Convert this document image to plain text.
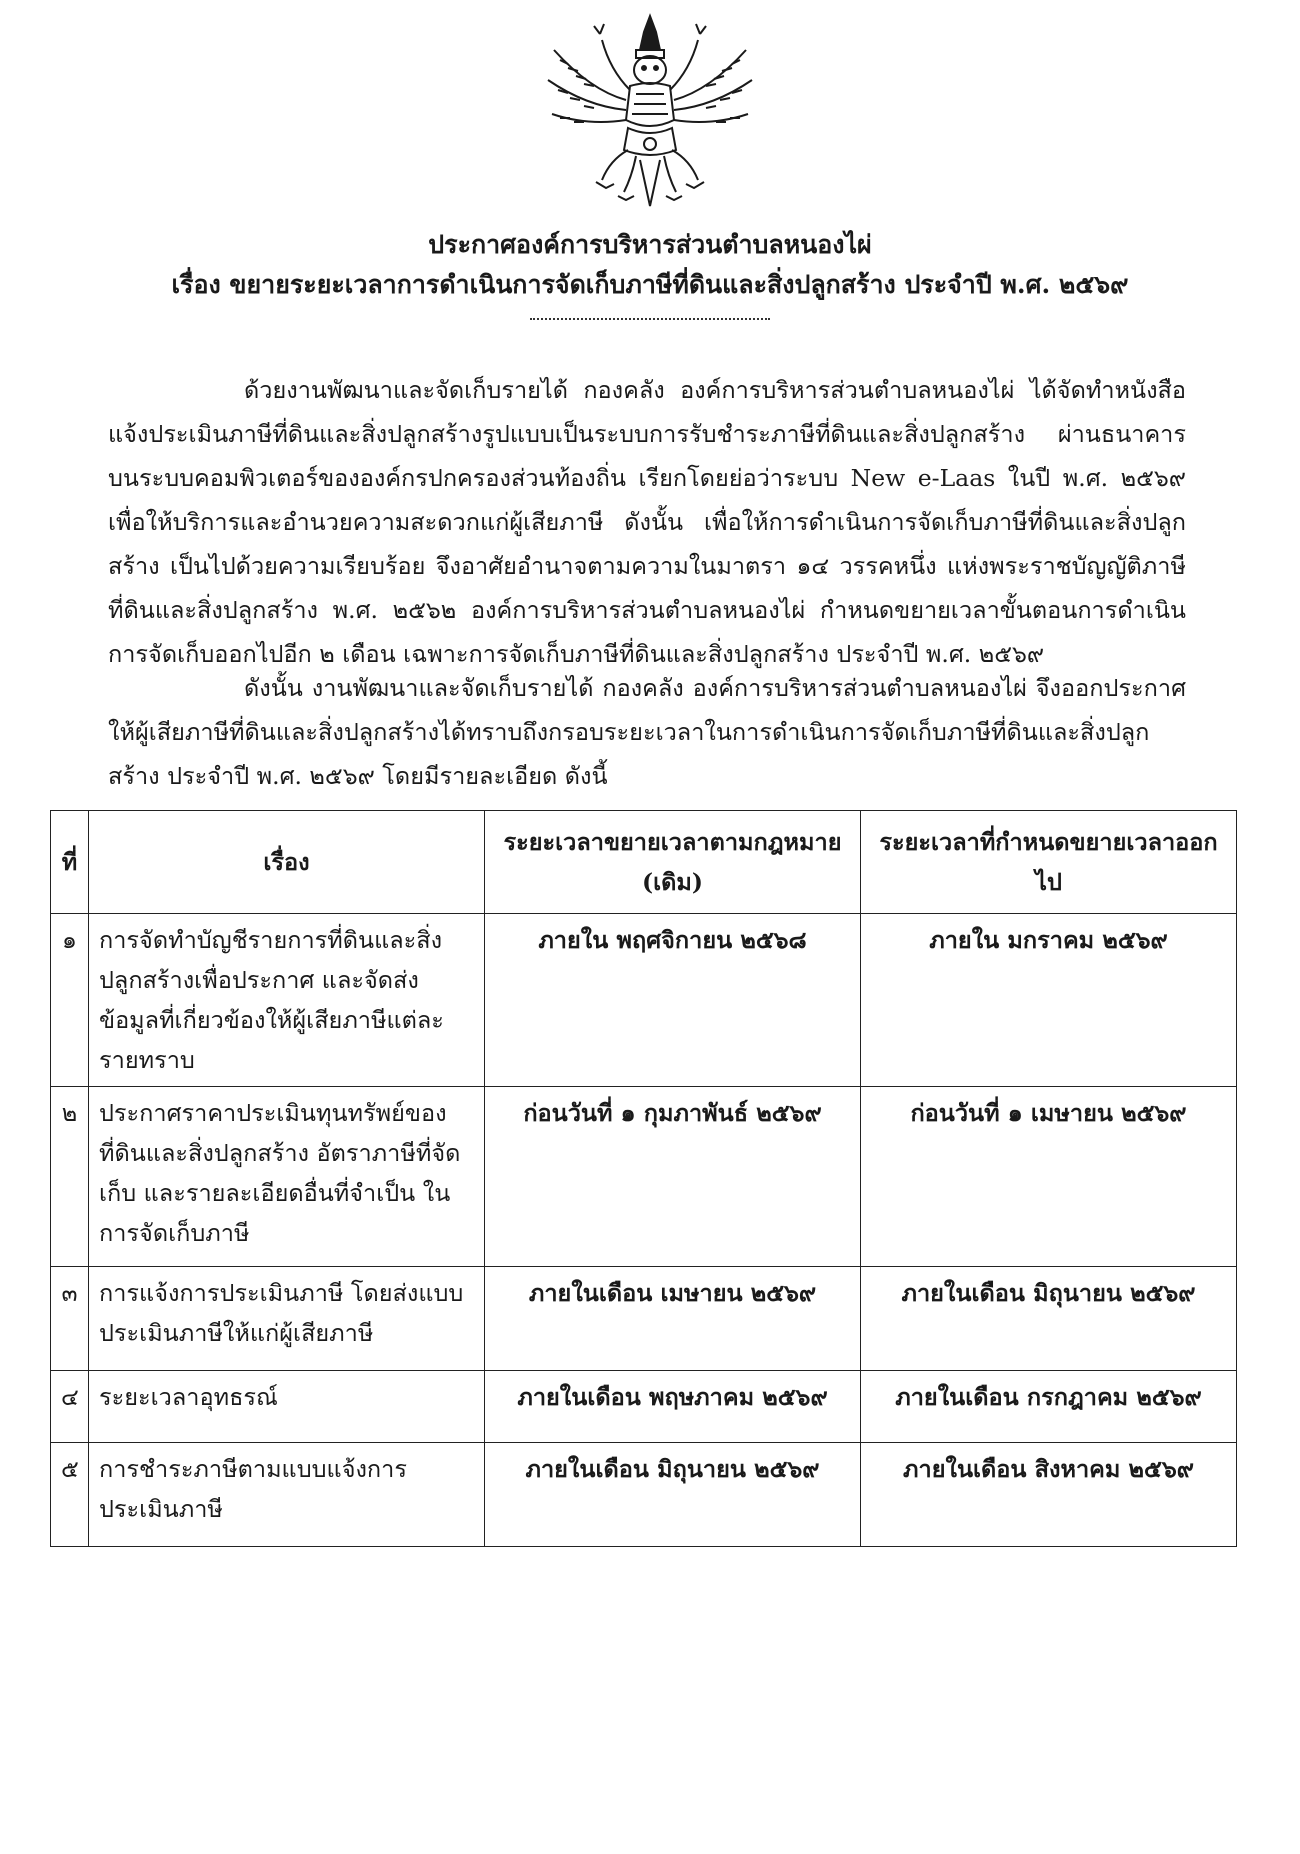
ประกาศองค์การบริหารส่วนตำบลหนองไผ่
เรื่อง ขยายระยะเวลาการดำเนินการจัดเก็บภาษีที่ดินและสิ่งปลูกสร้าง ประจำปี พ.ศ. ๒๕๖๙

ด้วยงานพัฒนาและจัดเก็บรายได้ กองคลัง องค์การบริหารส่วนตำบลหนองไผ่ ได้จัดทำหนังสือแจ้งประเมินภาษีที่ดินและสิ่งปลูกสร้างรูปแบบเป็นระบบการรับชำระภาษีที่ดินและสิ่งปลูกสร้าง ผ่านธนาคารบนระบบคอมพิวเตอร์ขององค์กรปกครองส่วนท้องถิ่น เรียกโดยย่อว่าระบบ New e-Laas ในปี พ.ศ. ๒๕๖๙ เพื่อให้บริการและอำนวยความสะดวกแก่ผู้เสียภาษี ดังนั้น เพื่อให้การดำเนินการจัดเก็บภาษีที่ดินและสิ่งปลูกสร้าง เป็นไปด้วยความเรียบร้อย จึงอาศัยอำนาจตามความในมาตรา ๑๔ วรรคหนึ่ง แห่งพระราชบัญญัติภาษีที่ดินและสิ่งปลูกสร้าง พ.ศ. ๒๕๖๒ องค์การบริหารส่วนตำบลหนองไผ่ กำหนดขยายเวลาขั้นตอนการดำเนินการจัดเก็บออกไปอีก ๒ เดือน เฉพาะการจัดเก็บภาษีที่ดินและสิ่งปลูกสร้าง ประจำปี พ.ศ. ๒๕๖๙

ดังนั้น งานพัฒนาและจัดเก็บรายได้ กองคลัง องค์การบริหารส่วนตำบลหนองไผ่ จึงออกประกาศให้ผู้เสียภาษีที่ดินและสิ่งปลูกสร้างได้ทราบถึงกรอบระยะเวลาในการดำเนินการจัดเก็บภาษีที่ดินและสิ่งปลูกสร้าง ประจำปี พ.ศ. ๒๕๖๙ โดยมีรายละเอียด ดังนี้

ที่	เรื่อง	ระยะเวลาขยายเวลาตามกฎหมาย (เดิม)	ระยะเวลาที่กำหนดขยายเวลาออกไป
๑	การจัดทำบัญชีรายการที่ดินและสิ่งปลูกสร้างเพื่อประกาศ และจัดส่งข้อมูลที่เกี่ยวข้องให้ผู้เสียภาษีแต่ละรายทราบ	ภายใน พฤศจิกายน ๒๕๖๘	ภายใน มกราคม ๒๕๖๙
๒	ประกาศราคาประเมินทุนทรัพย์ของที่ดินและสิ่งปลูกสร้าง อัตราภาษีที่จัดเก็บ และรายละเอียดอื่นที่จำเป็น ในการจัดเก็บภาษี	ก่อนวันที่ ๑ กุมภาพันธ์ ๒๕๖๙	ก่อนวันที่ ๑ เมษายน ๒๕๖๙
๓	การแจ้งการประเมินภาษี โดยส่งแบบประเมินภาษีให้แก่ผู้เสียภาษี	ภายในเดือน เมษายน ๒๕๖๙	ภายในเดือน มิถุนายน ๒๕๖๙
๔	ระยะเวลาอุทธรณ์	ภายในเดือน พฤษภาคม ๒๕๖๙	ภายในเดือน กรกฎาคม ๒๕๖๙
๕	การชำระภาษีตามแบบแจ้งการประเมินภาษี	ภายในเดือน มิถุนายน ๒๕๖๙	ภายในเดือน สิงหาคม ๒๕๖๙
